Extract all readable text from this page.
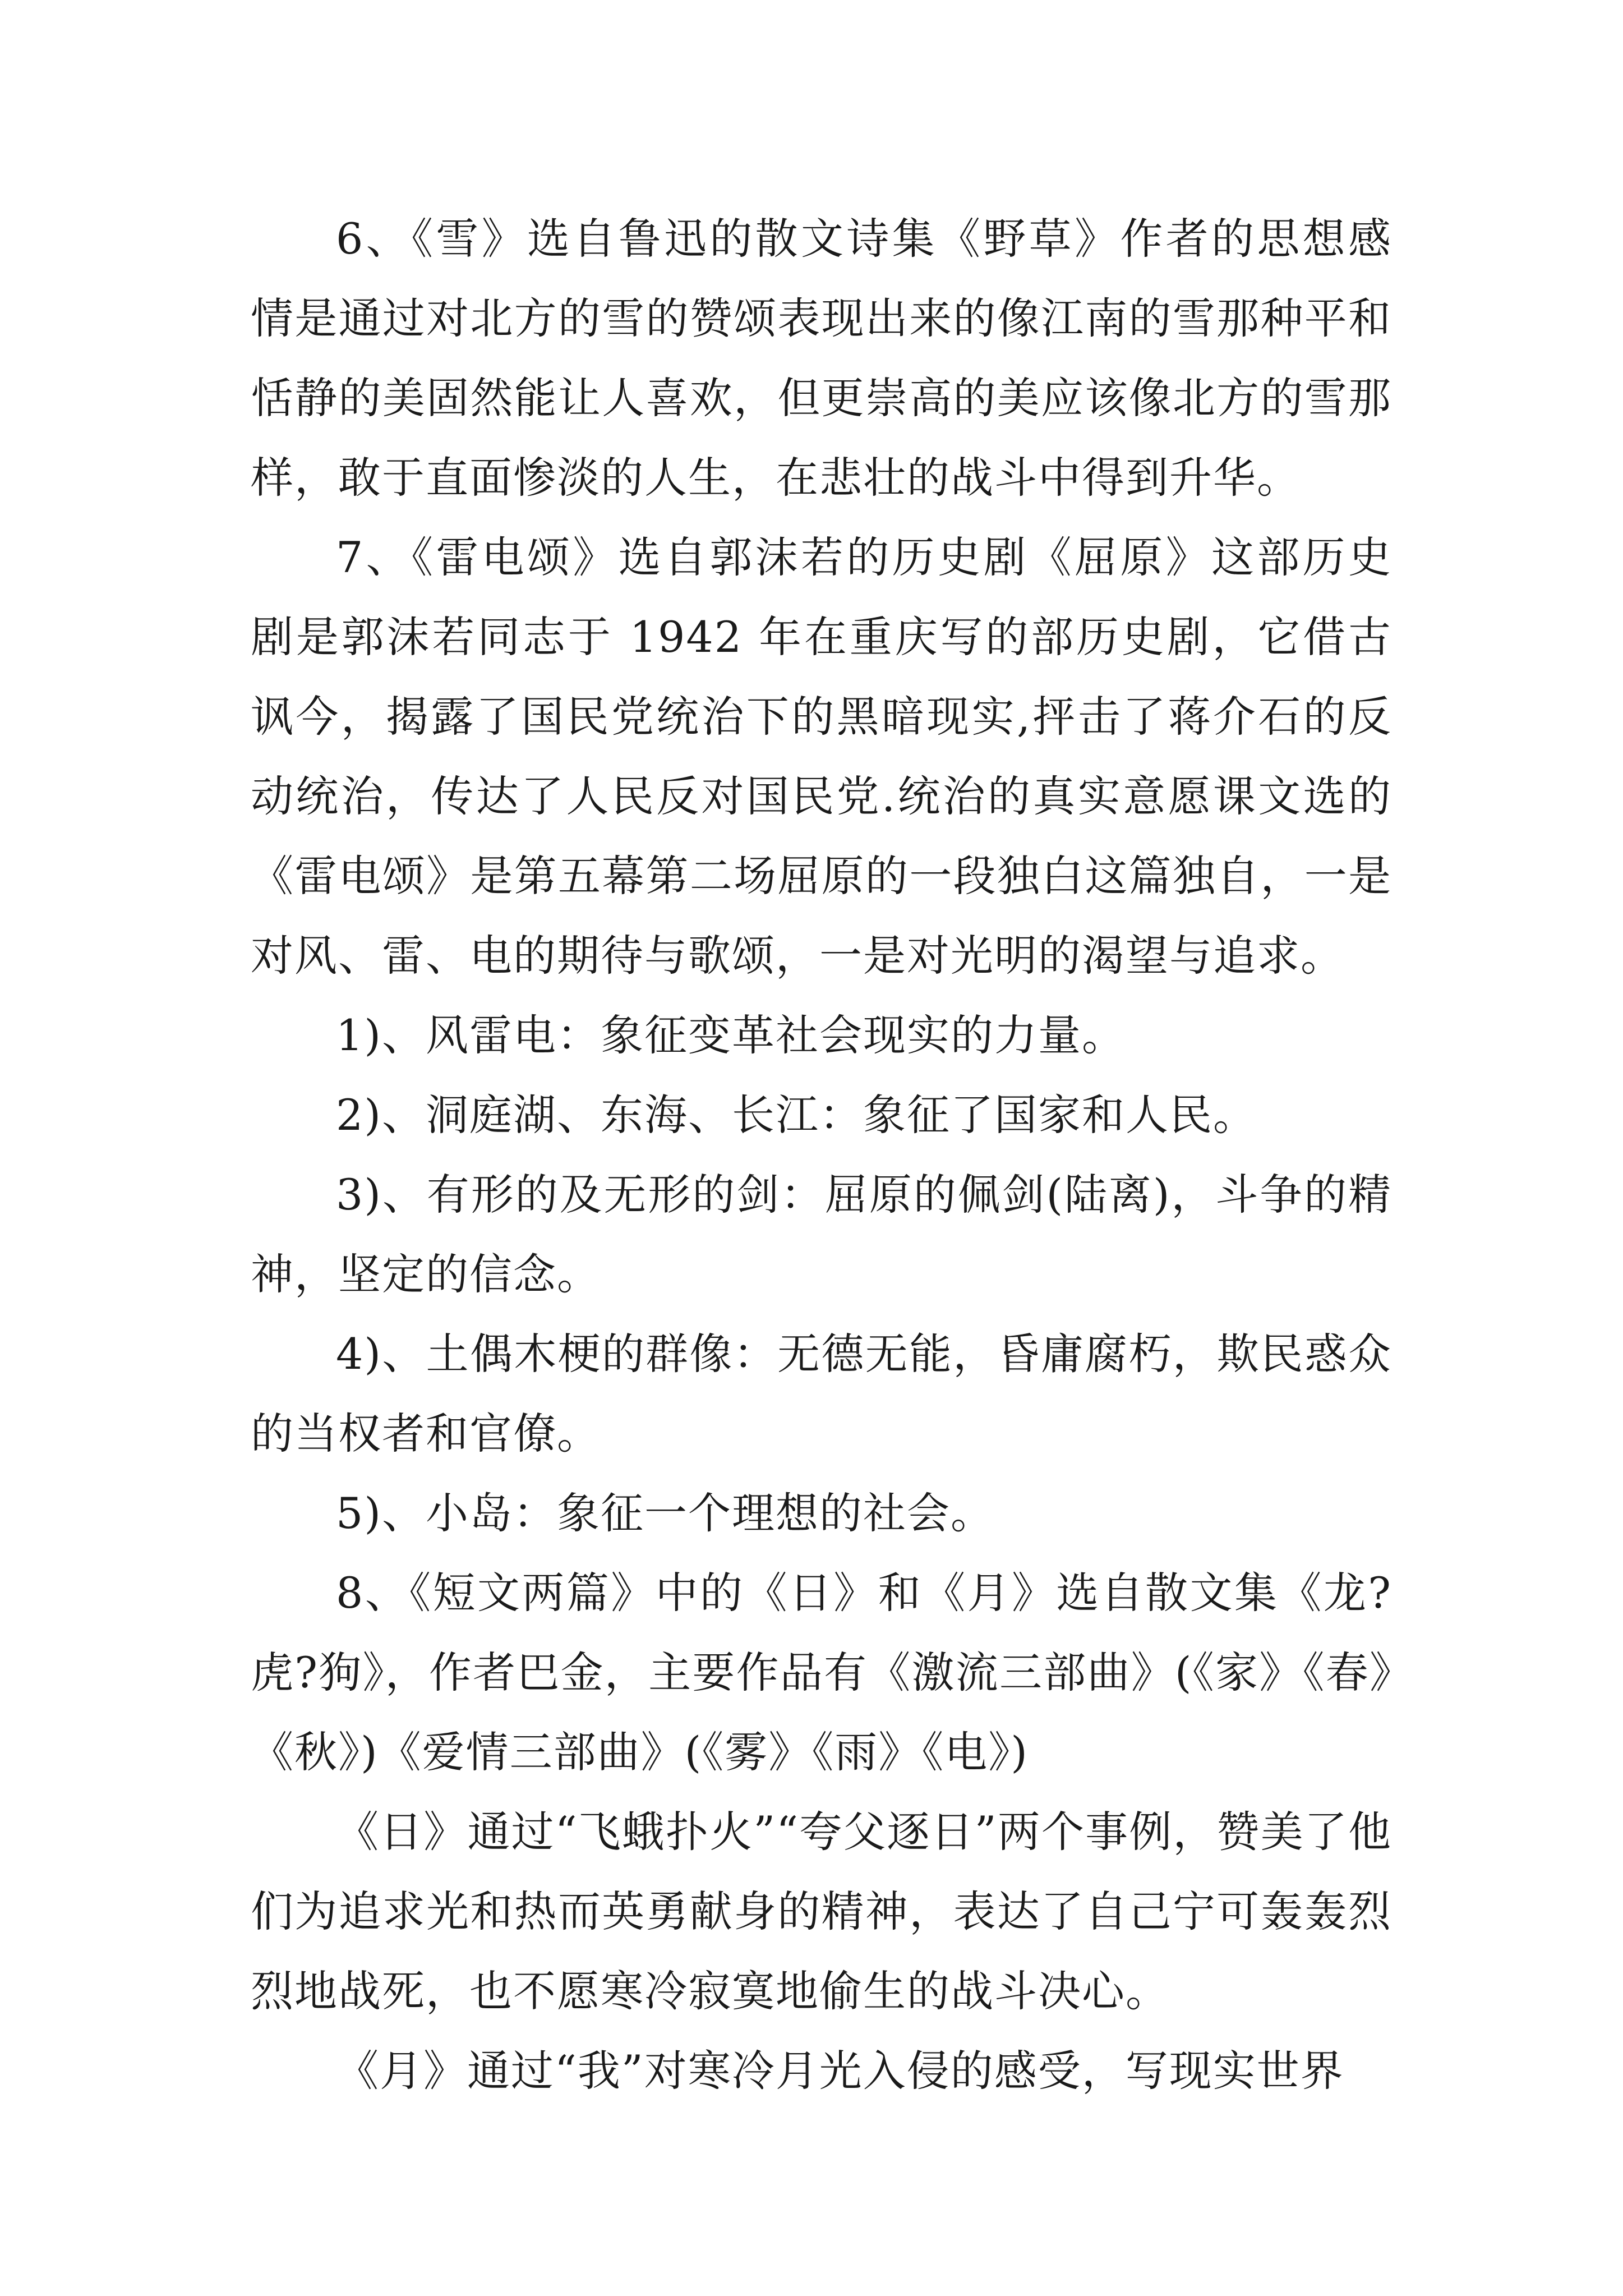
6、《雪》选自鲁迅的散文诗集《野草》作者的思想感情是通过对北方的雪的赞颂表现出来的像江南的雪那种平和恬静的美固然能让人喜欢，但更崇高的美应该像北方的雪那样，敢于直面惨淡的人生，在悲壮的战斗中得到升华。

7、《雷电颂》选自郭沫若的历史剧《屈原》这部历史剧是郭沫若同志于 1942 年在重庆写的部历史剧，它借古讽今，揭露了国民党统治下的黑暗现实,抨击了蒋介石的反动统治，传达了人民反对国民党.统治的真实意愿课文选的《雷电颂》是第五幕第二场屈原的一段独白这篇独自，一是对风、雷、电的期待与歌颂，一是对光明的渴望与追求。

1)、风雷电：象征变革社会现实的力量。

2)、洞庭湖、东海、长江：象征了国家和人民。

3)、有形的及无形的剑：屈原的佩剑(陆离)，斗争的精神，坚定的信念。

4)、土偶木梗的群像：无德无能，昏庸腐朽，欺民惑众的当权者和官僚。

5)、小岛：象征一个理想的社会。

8、《短文两篇》中的《日》和《月》选自散文集《龙?虎?狗》，作者巴金，主要作品有《激流三部曲》(《家》《春》《秋》)《爱情三部曲》(《雾》《雨》《电》)

《日》通过“飞蛾扑火”“夸父逐日”两个事例，赞美了他们为追求光和热而英勇献身的精神，表达了自己宁可轰轰烈烈地战死，也不愿寒冷寂寞地偷生的战斗决心。

《月》通过“我”对寒冷月光入侵的感受，写现实世界
